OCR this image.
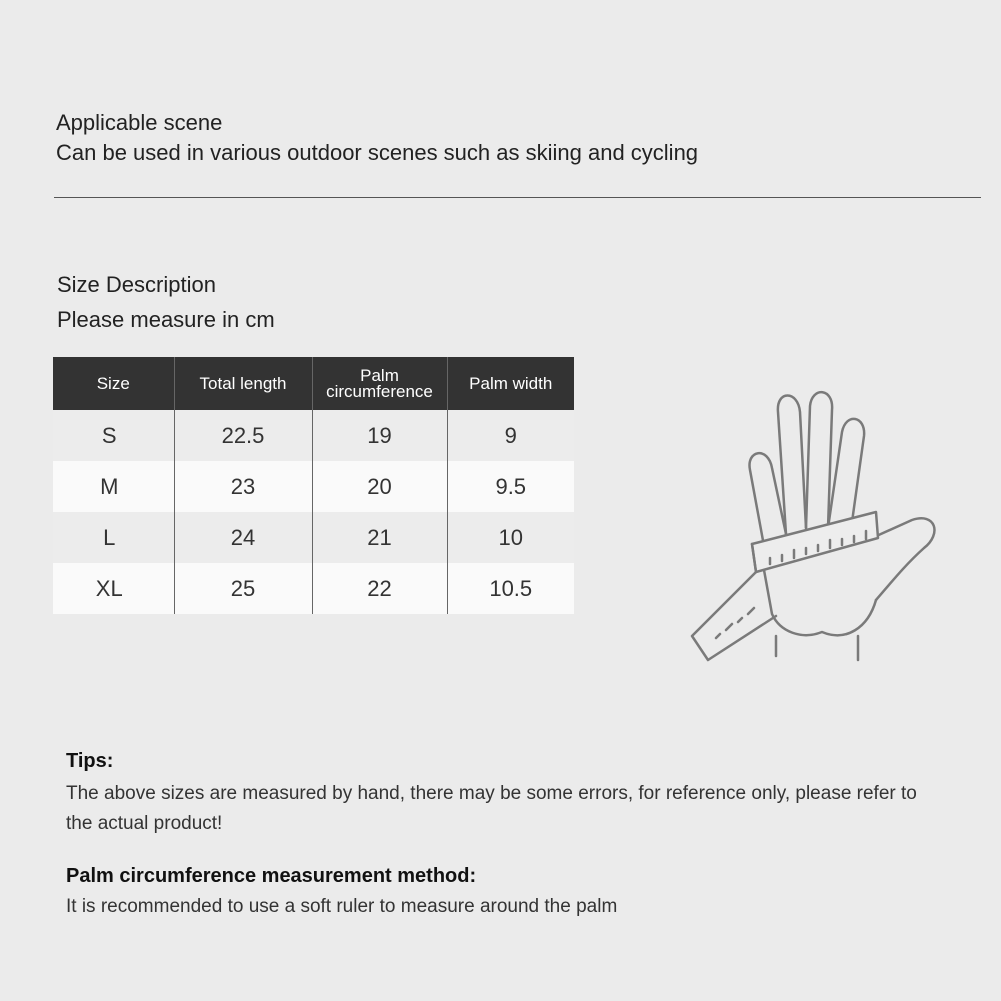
Applicable scene
Can be used in various outdoor scenes such as skiing and cycling
Size Description
Please measure in cm
Size	Total length	Palm circumference	Palm width
S	22.5	19	9
M	23	20	9.5
L	24	21	10
XL	25	22	10.5
Tips:
The above sizes are measured by hand, there may be some errors, for reference only, please refer to the actual product!
Palm circumference measurement method:
It is recommended to use a soft ruler to measure around the palm
